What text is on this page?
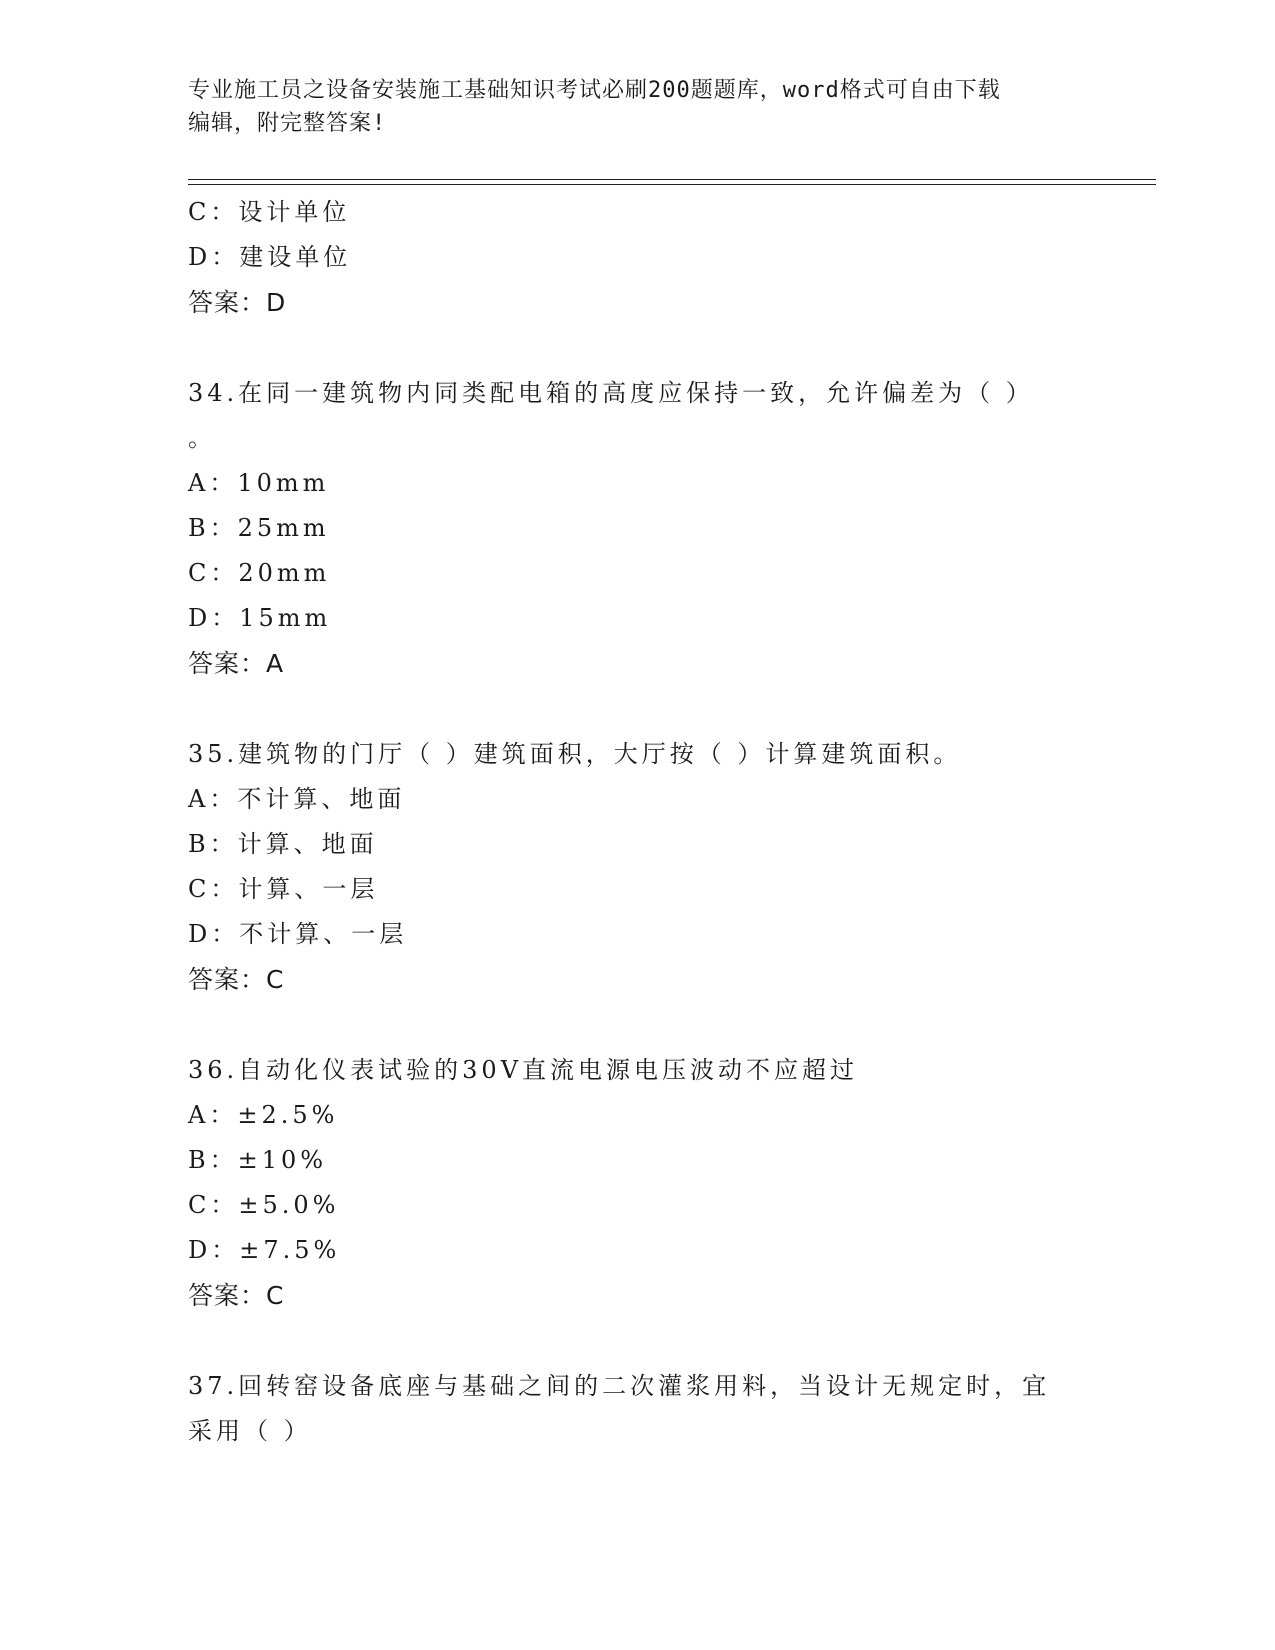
专业施工员之设备安装施工基础知识考试必刷200题题库，word格式可自由下载
编辑，附完整答案!
C：设计单位
D：建设单位
答案：D
34.在同一建筑物内同类配电箱的高度应保持一致，允许偏差为（ ）
。
A：10mm
B：25mm
C：20mm
D：15mm
答案：A
35.建筑物的门厅（ ）建筑面积，大厅按（ ）计算建筑面积。
A：不计算、地面
B：计算、地面
C：计算、一层
D：不计算、一层
答案：C
36.自动化仪表试验的30V直流电源电压波动不应超过
A：±2.5%
B：±10%
C：±5.0%
D：±7.5%
答案：C
37.回转窑设备底座与基础之间的二次灌浆用料，当设计无规定时，宜
采用（ ）
